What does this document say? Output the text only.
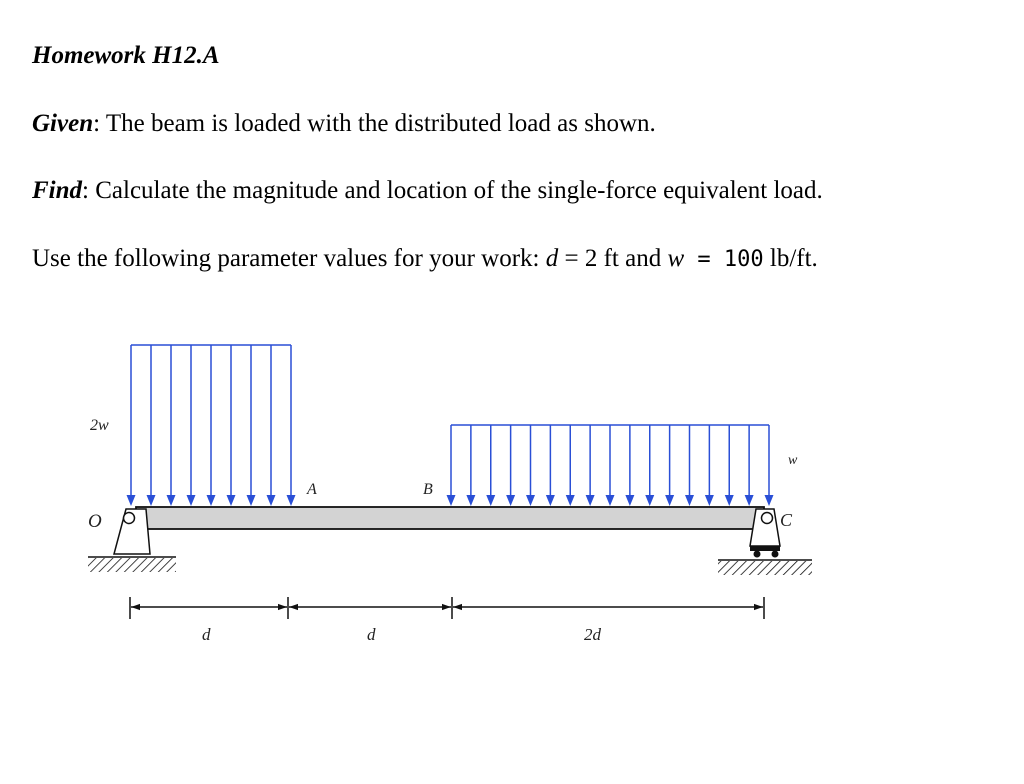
Homework H12.A
Given: The beam is loaded with the distributed load as shown.
Find: Calculate the magnitude and location of the single-force equivalent load.
Use the following parameter values for your work: d = 2 ft and w = 100 lb/ft.
O
A	B
C
2w
w
d	d	2d
